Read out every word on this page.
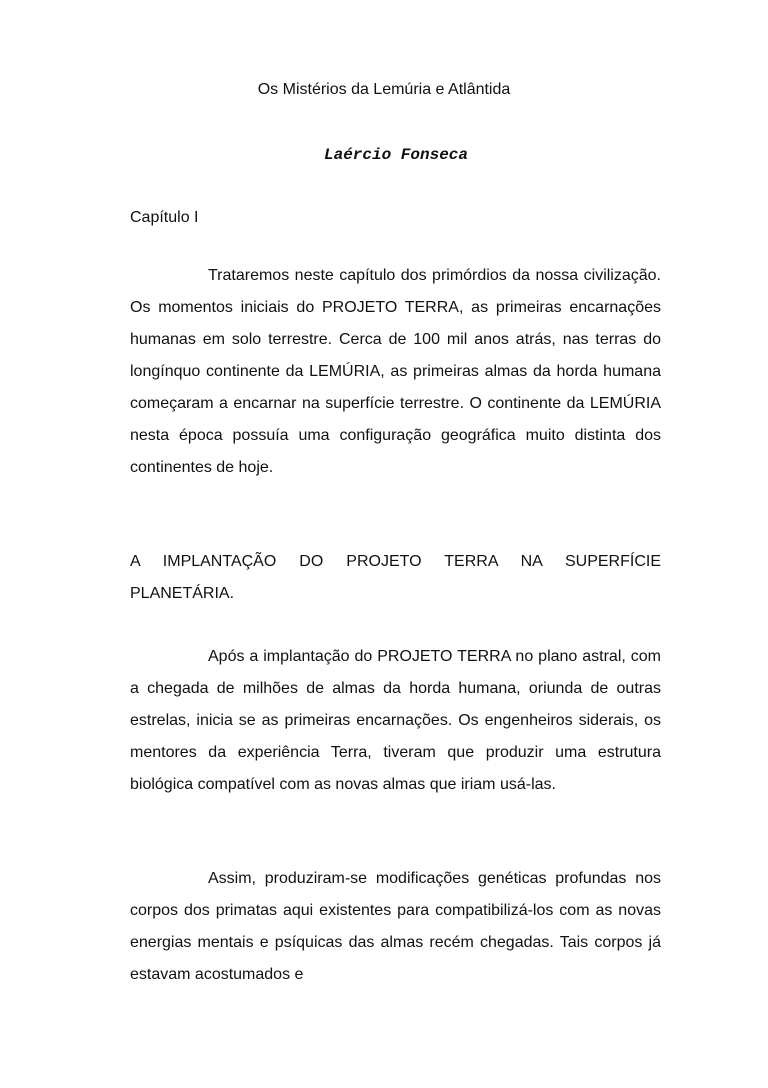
Os Mistérios da Lemúria e Atlântida
Laércio Fonseca
Capítulo I

Trataremos neste capítulo dos primórdios da nossa civilização. Os momentos iniciais do PROJETO TERRA, as primeiras encarnações humanas em solo terrestre. Cerca de 100 mil anos atrás, nas terras do longínquo continente da LEMÚRIA, as primeiras almas da horda humana começaram a encarnar na superfície terrestre. O continente da LEMÚRIA nesta época possuía uma configuração geográfica muito distinta dos continentes de hoje.

A IMPLANTAÇÃO DO PROJETO TERRA NA SUPERFÍCIE PLANETÁRIA.

Após a implantação do PROJETO TERRA no plano astral, com a chegada de milhões de almas da horda humana, oriunda de outras estrelas, inicia se as primeiras encarnações. Os engenheiros siderais, os mentores da experiência Terra, tiveram que produzir uma estrutura biológica compatível com as novas almas que iriam usá-las.

Assim, produziram-se modificações genéticas profundas nos corpos dos primatas aqui existentes para compatibilizá-los com as novas energias mentais e psíquicas das almas recém chegadas. Tais corpos já estavam acostumados e
